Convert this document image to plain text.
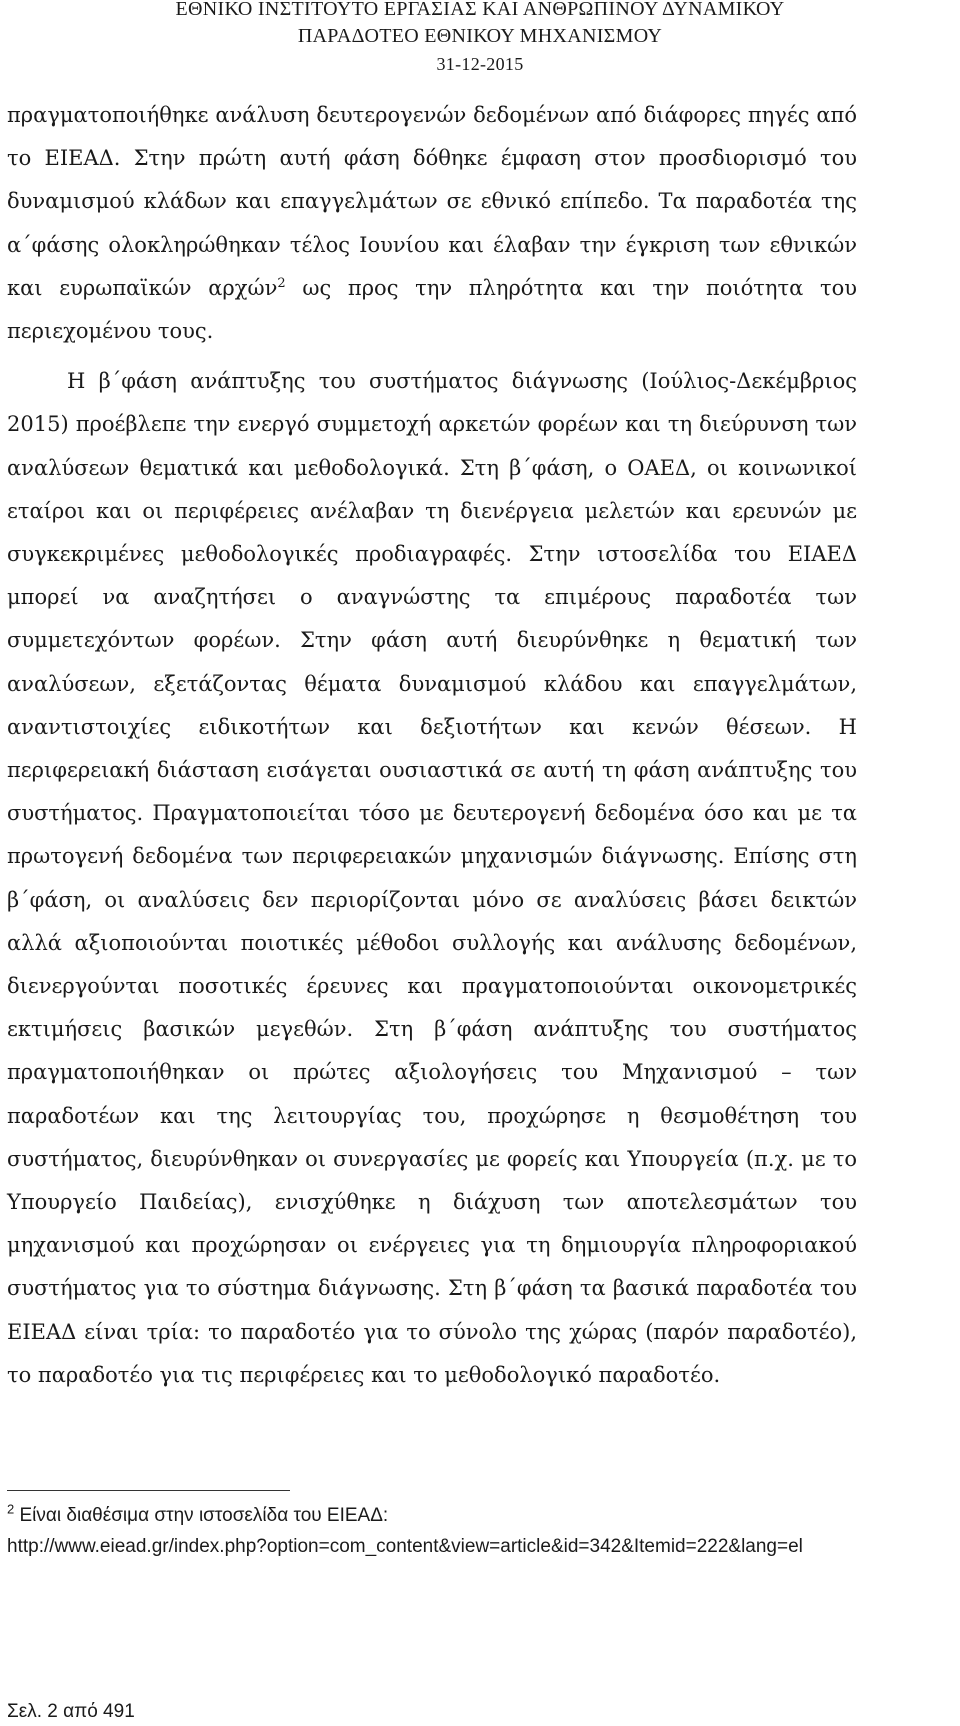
ΕΘΝΙΚΟ ΙΝΣΤΙΤΟΥΤΟ ΕΡΓΑΣΙΑΣ ΚΑΙ ΑΝΘΡΩΠΙΝΟΥ ΔΥΝΑΜΙΚΟΥ
ΠΑΡΑΔΟΤΕΟ ΕΘΝΙΚΟΥ ΜΗΧΑΝΙΣΜΟΥ
31-12-2015

πραγματοποιήθηκε ανάλυση δευτερογενών δεδομένων από διάφορες πηγές από το ΕΙΕΑΔ. Στην πρώτη αυτή φάση δόθηκε έμφαση στον προσδιορισμό του δυναμισμού κλάδων και επαγγελμάτων σε εθνικό επίπεδο. Τα παραδοτέα της α΄φάσης ολοκληρώθηκαν τέλος Ιουνίου και έλαβαν την έγκριση των εθνικών και ευρωπαϊκών αρχών$^2$ ως προς την πληρότητα και την ποιότητα του περιεχομένου τους.

Η β΄φάση ανάπτυξης του συστήματος διάγνωσης (Ιούλιος-Δεκέμβριος 2015) προέβλεπε την ενεργό συμμετοχή αρκετών φορέων και τη διεύρυνση των αναλύσεων θεματικά και μεθοδολογικά. Στη β΄φάση, ο ΟΑΕΔ, οι κοινωνικοί εταίροι και οι περιφέρειες ανέλαβαν τη διενέργεια μελετών και ερευνών με συγκεκριμένες μεθοδολογικές προδιαγραφές. Στην ιστοσελίδα του ΕΙΑΕΔ μπορεί να αναζητήσει ο αναγνώστης τα επιμέρους παραδοτέα των συμμετεχόντων φορέων. Στην φάση αυτή διευρύνθηκε η θεματική των αναλύσεων, εξετάζοντας θέματα δυναμισμού κλάδου και επαγγελμάτων, αναντιστοιχίες ειδικοτήτων και δεξιοτήτων και κενών θέσεων. Η περιφερειακή διάσταση εισάγεται ουσιαστικά σε αυτή τη φάση ανάπτυξης του συστήματος. Πραγματοποιείται τόσο με δευτερογενή δεδομένα όσο και με τα πρωτογενή δεδομένα των περιφερειακών μηχανισμών διάγνωσης. Επίσης στη β΄φάση, οι αναλύσεις δεν περιορίζονται μόνο σε αναλύσεις βάσει δεικτών αλλά αξιοποιούνται ποιοτικές μέθοδοι συλλογής και ανάλυσης δεδομένων, διενεργούνται ποσοτικές έρευνες και πραγματοποιούνται οικονομετρικές εκτιμήσεις βασικών μεγεθών. Στη β΄φάση ανάπτυξης του συστήματος πραγματοποιήθηκαν οι πρώτες αξιολογήσεις του Μηχανισμού – των παραδοτέων και της λειτουργίας του, προχώρησε η θεσμοθέτηση του συστήματος, διευρύνθηκαν οι συνεργασίες με φορείς και Υπουργεία (π.χ. με το Υπουργείο Παιδείας), ενισχύθηκε η διάχυση των αποτελεσμάτων του μηχανισμού και προχώρησαν οι ενέργειες για τη δημιουργία πληροφοριακού συστήματος για το σύστημα διάγνωσης. Στη β΄φάση τα βασικά παραδοτέα του ΕΙΕΑΔ είναι τρία: το παραδοτέο για το σύνολο της χώρας (παρόν παραδοτέο), το παραδοτέο για τις περιφέρειες και το μεθοδολογικό παραδοτέο.

$^2$ Είναι διαθέσιμα στην ιστοσελίδα του ΕΙΕΑΔ:
http://www.eiead.gr/index.php?option=com_content&view=article&id=342&Itemid=222&lang=el
Σελ. 2 από 491
